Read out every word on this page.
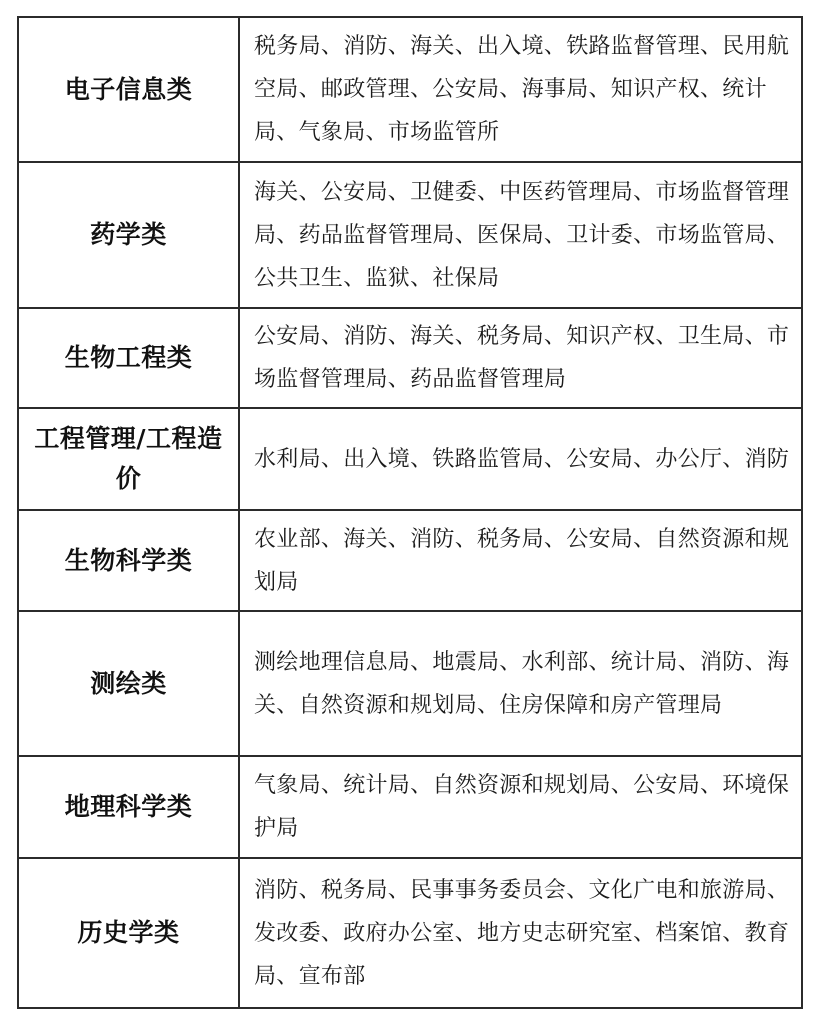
电子信息类	税务局、消防、海关、出入境、铁路监督管理、民用航空局、邮政管理、公安局、海事局、知识产权、统计局、气象局、市场监管所
药学类	海关、公安局、卫健委、中医药管理局、市场监督管理局、药品监督管理局、医保局、卫计委、市场监管局、公共卫生、监狱、社保局
生物工程类	公安局、消防、海关、税务局、知识产权、卫生局、市场监督管理局、药品监督管理局
工程管理/工程造价	水利局、出入境、铁路监管局、公安局、办公厅、消防
生物科学类	农业部、海关、消防、税务局、公安局、自然资源和规划局
测绘类	测绘地理信息局、地震局、水利部、统计局、消防、海关、自然资源和规划局、住房保障和房产管理局
地理科学类	气象局、统计局、自然资源和规划局、公安局、环境保护局
历史学类	消防、税务局、民事事务委员会、文化广电和旅游局、发改委、政府办公室、地方史志研究室、档案馆、教育局、宣布部
